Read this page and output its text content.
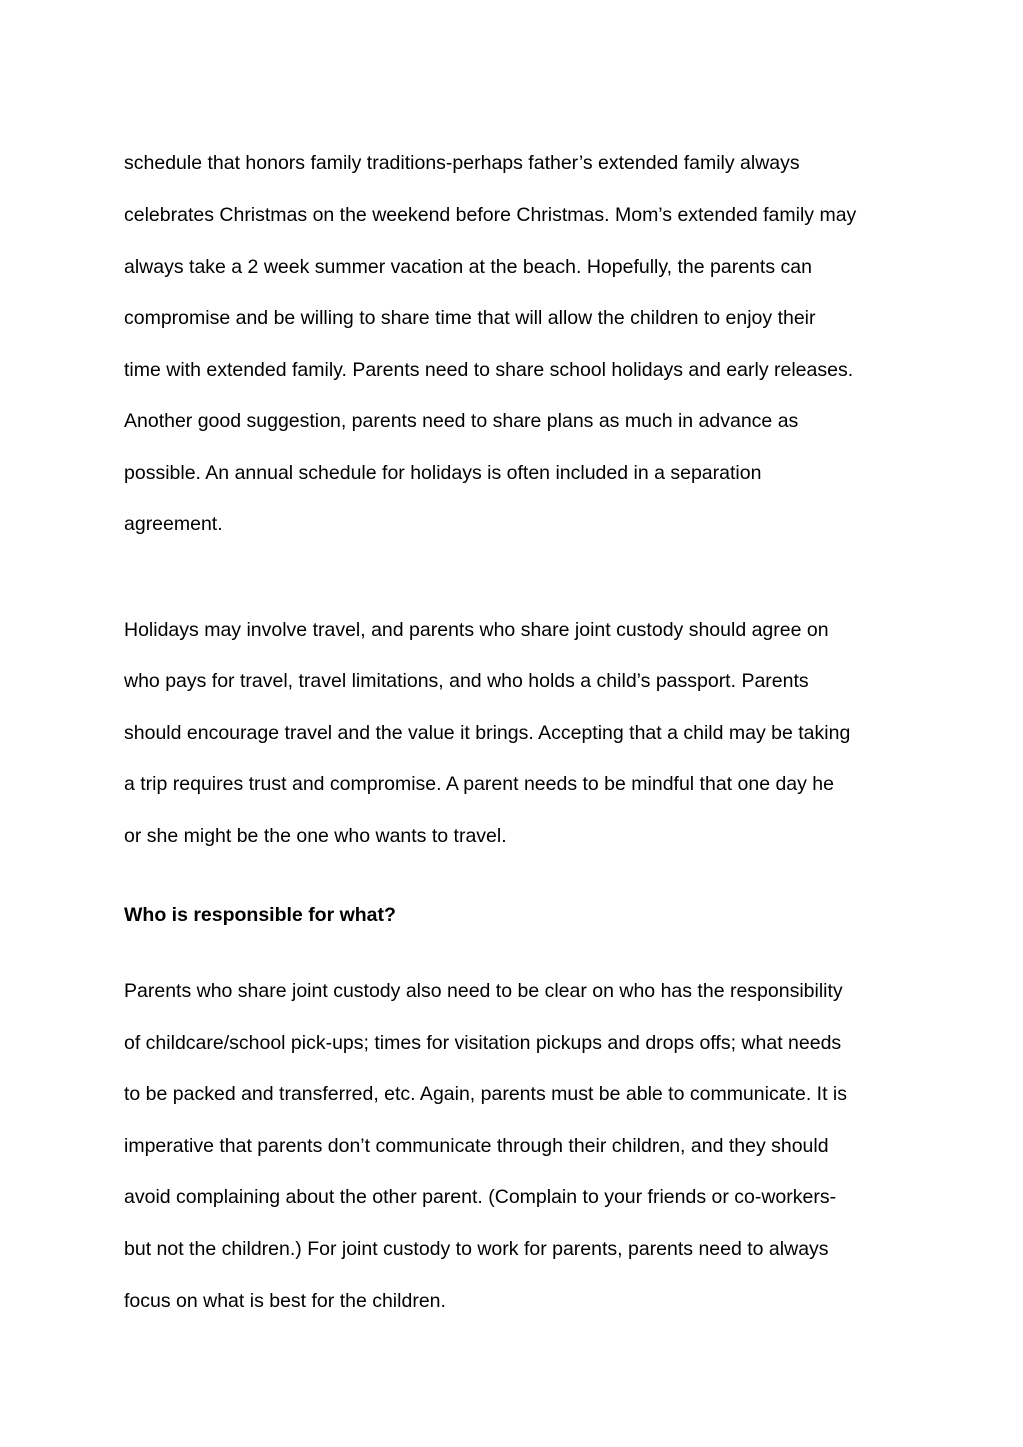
schedule that honors family traditions-perhaps father’s extended family always
celebrates Christmas on the weekend before Christmas. Mom’s extended family may
always take a 2 week summer vacation at the beach. Hopefully, the parents can
compromise and be willing to share time that will allow the children to enjoy their
time with extended family. Parents need to share school holidays and early releases.
Another good suggestion, parents need to share plans as much in advance as
possible. An annual schedule for holidays is often included in a separation
agreement.
Holidays may involve travel, and parents who share joint custody should agree on
who pays for travel, travel limitations, and who holds a child’s passport. Parents
should encourage travel and the value it brings. Accepting that a child may be taking
a trip requires trust and compromise. A parent needs to be mindful that one day he
or she might be the one who wants to travel.
Who is responsible for what?
Parents who share joint custody also need to be clear on who has the responsibility
of childcare/school pick-ups; times for visitation pickups and drops offs; what needs
to be packed and transferred, etc. Again, parents must be able to communicate. It is
imperative that parents don’t communicate through their children, and they should
avoid complaining about the other parent. (Complain to your friends or co-workers-
but not the children.) For joint custody to work for parents, parents need to always
focus on what is best for the children.
